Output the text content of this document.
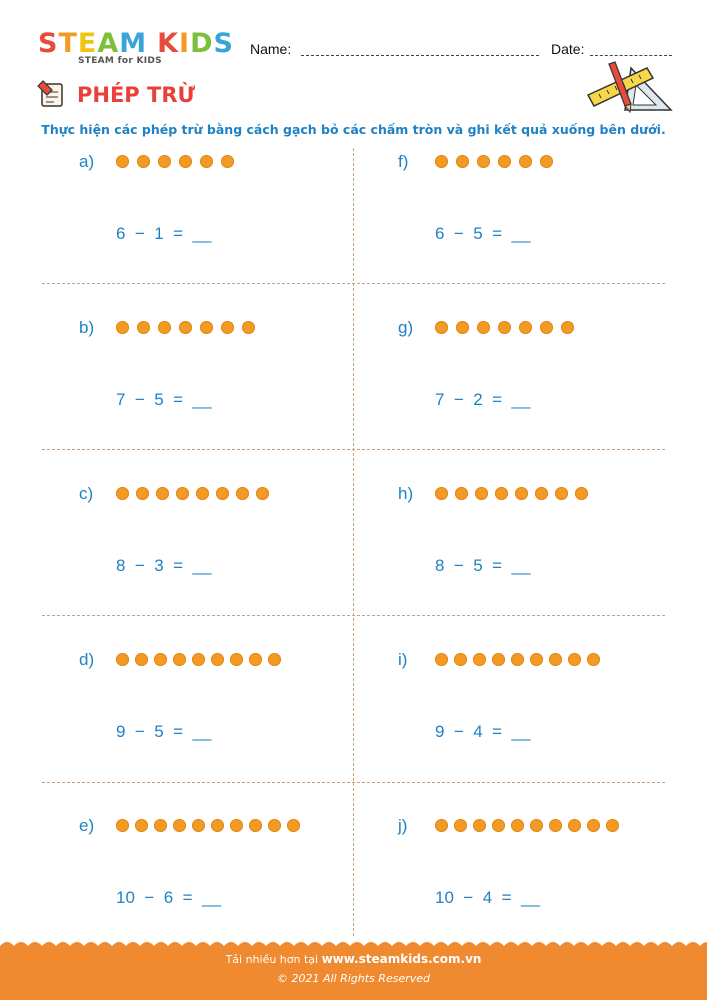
S T E A M K I D S
STEAM for KIDS
Name:	Date:
PHÉP TRỪ
Thực hiện các phép trừ bằng cách gạch bỏ các chấm tròn và ghi kết quả xuống bên dưới.
a)
6  −  1  =  __
f)
6  −  5  =  __
b)
7  −  5  =  __
g)
7  −  2  =  __
c)
8  −  3  =  __
h)
8  −  5  =  __
d)
9  −  5  =  __
i)
9  −  4  =  __
e)
10  −  6  =  __
j)
10  −  4  =  __
Tải nhiều hơn tại www.steamkids.com.vn
© 2021 All Rights Reserved
